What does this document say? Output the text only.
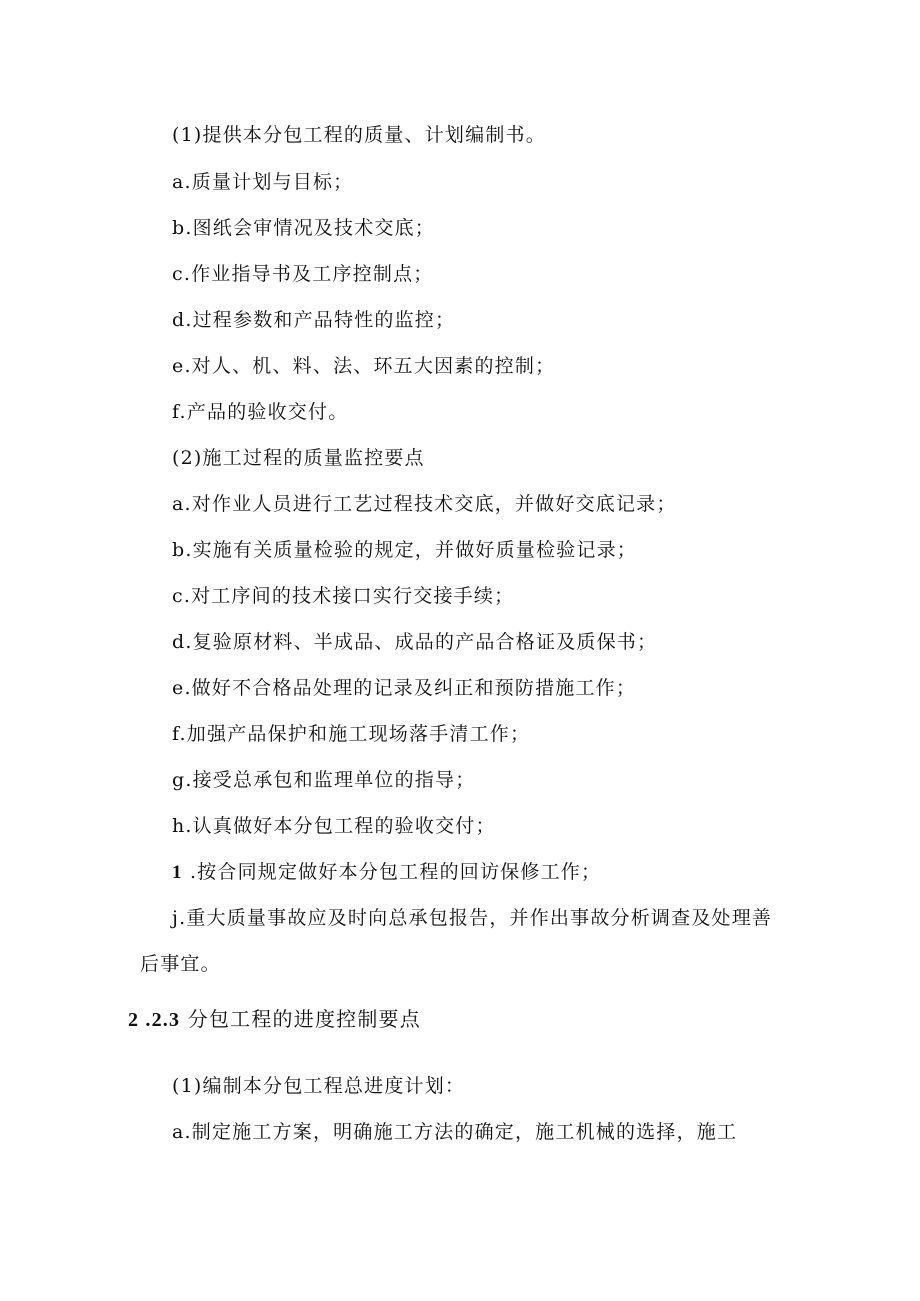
(1)提供本分包工程的质量、计划编制书。
a.质量计划与目标；
b.图纸会审情况及技术交底；
c.作业指导书及工序控制点；
d.过程参数和产品特性的监控；
e.对人、机、料、法、环五大因素的控制；
f.产品的验收交付。
(2)施工过程的质量监控要点
a.对作业人员进行工艺过程技术交底，并做好交底记录；
b.实施有关质量检验的规定，并做好质量检验记录；
c.对工序间的技术接口实行交接手续；
d.复验原材料、半成品、成品的产品合格证及质保书；
e.做好不合格品处理的记录及纠正和预防措施工作；
f.加强产品保护和施工现场落手清工作；
g.接受总承包和监理单位的指导；
h.认真做好本分包工程的验收交付；
1 .按合同规定做好本分包工程的回访保修工作；
j.重大质量事故应及时向总承包报告，并作出事故分析调查及处理善
后事宜。
2 .2.3 分包工程的进度控制要点
(1)编制本分包工程总进度计划：
a.制定施工方案，明确施工方法的确定，施工机械的选择，施工
